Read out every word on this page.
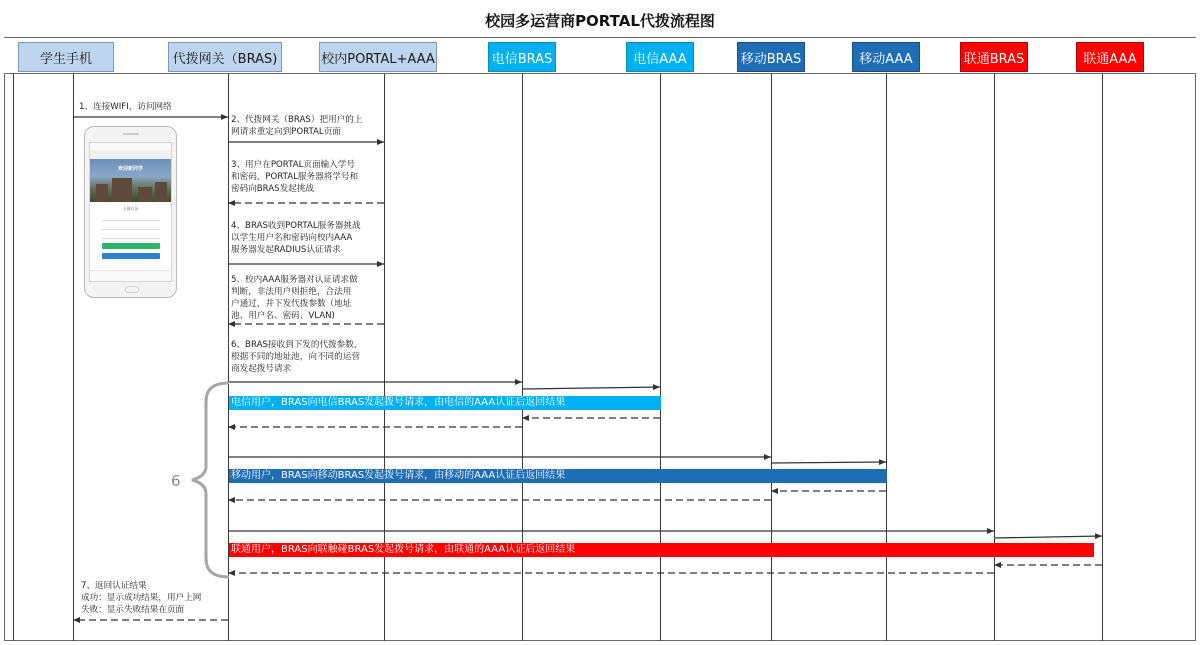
校园多运营商PORTAL代拨流程图
学生手机	代拨网关（BRAS)	校内PORTAL+AAA	电信BRAS	电信AAA	移动BRAS	移动AAA	联通BRAS	联通AAA
欢迎新同学
上网认证
6
1、连接WIFI，访问网络
2、代拨网关（BRAS）把用户的上
网请求重定向到PORTAL页面
3、用户在PORTAL页面输入学号
和密码，PORTAL服务器将学号和
密码向BRAS发起挑战
4、BRAS收到PORTAL服务器挑战
以学生用户名和密码向校内AAA
服务器发起RADIUS认证请求
5、校内AAA服务器对认证请求做
判断，非法用户则拒绝，合法用
户通过，并下发代拨参数（地址
池、用户名、密码、VLAN)
6、BRAS接收到下发的代拨参数，
根据不同的地址池，向不同的运营
商发起拨号请求
7、返回认证结果
成功：显示成功结果，用户上网
失败：显示失败结果在页面
电信用户，BRAS向电信BRAS发起拨号请求，由电信的AAA认证后返回结果
移动用户，BRAS向移动BRAS发起拨号请求，由移动的AAA认证后返回结果
联通用户，BRAS向联触碰BRAS发起拨号请求，由联通的AAA认证后返回结果
